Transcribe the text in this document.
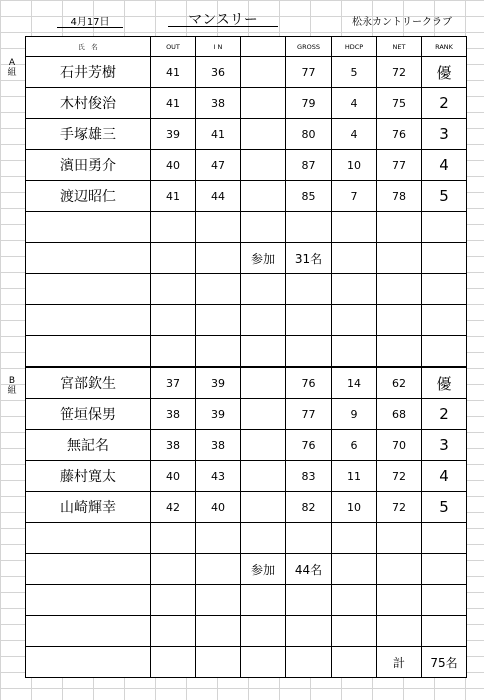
4月17日	マンスリー	松永カントリークラブ
A組
B組
氏　名	OUT	I N		GROSS	HDCP	NET	RANK
石井芳樹	41	36		77	5	72	優
木村俊治	41	38		79	4	75	2
手塚雄三	39	41		80	4	76	3
濱田勇介	40	47		87	10	77	4
渡辺昭仁	41	44		85	7	78	5

			参加	31名			

宮部欽生	37	39		76	14	62	優
笹垣保男	38	39		77	9	68	2
無記名	38	38		76	6	70	3
藤村寛太	40	43		83	11	72	4
山崎輝幸	42	40		82	10	72	5

			参加	44名			

						計	75名
